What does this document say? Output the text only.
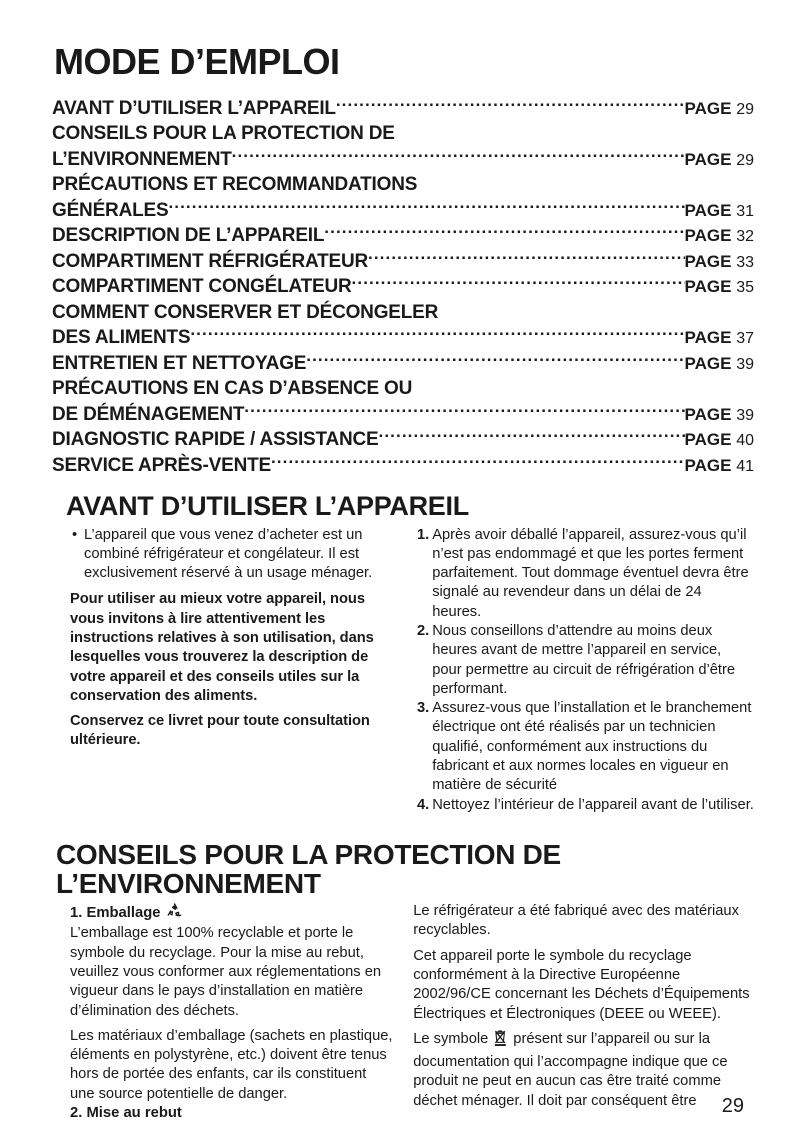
MODE D’EMPLOI
AVANT D’UTILISER L’APPAREIL .....	PAGE 29
CONSEILS POUR LA PROTECTION DE
L’ENVIRONNEMENT .....	PAGE 29
PRÉCAUTIONS ET RECOMMANDATIONS
GÉNÉRALES .....	PAGE 31
DESCRIPTION DE L’APPAREIL .....	PAGE 32
COMPARTIMENT RÉFRIGÉRATEUR .....	PAGE 33
COMPARTIMENT CONGÉLATEUR .....	PAGE 35
COMMENT CONSERVER ET DÉCONGELER
DES ALIMENTS .....	PAGE 37
ENTRETIEN ET NETTOYAGE .....	PAGE 39
PRÉCAUTIONS EN CAS D’ABSENCE OU
DE DÉMÉNAGEMENT .....	PAGE 39
DIAGNOSTIC RAPIDE / ASSISTANCE .....	PAGE 40
SERVICE APRÈS-VENTE .....	PAGE 41
AVANT D’UTILISER L’APPAREIL
• L’appareil que vous venez d’acheter est un combiné réfrigérateur et congélateur. Il est exclusivement réservé à un usage ménager.

Pour utiliser au mieux votre appareil, nous vous invitons à lire attentivement les instructions relatives à son utilisation, dans lesquelles vous trouverez la description de votre appareil et des conseils utiles sur la conservation des aliments.

Conservez ce livret pour toute consultation ultérieure.

1. Après avoir déballé l’appareil, assurez-vous qu’il n’est pas endommagé et que les portes ferment parfaitement. Tout dommage éventuel devra être signalé au revendeur dans un délai de 24 heures.
2. Nous conseillons d’attendre au moins deux heures avant de mettre l’appareil en service, pour permettre au circuit de réfrigération d’être performant.
3. Assurez-vous que l’installation et le branchement électrique ont été réalisés par un technicien qualifié, conformément aux instructions du fabricant et aux normes locales en vigueur en matière de sécurité
4. Nettoyez l’intérieur de l’appareil avant de l’utiliser.
CONSEILS POUR LA PROTECTION DE
L’ENVIRONNEMENT
1. Emballage

L’emballage est 100% recyclable et porte le symbole du recyclage. Pour la mise au rebut, veuillez vous conformer aux réglementations en vigueur dans le pays d’installation en matière d’élimination des déchets.

Les matériaux d’emballage (sachets en plastique, éléments en polystyrène, etc.) doivent être tenus hors de portée des enfants, car ils constituent une source potentielle de danger.

2. Mise au rebut

Le réfrigérateur a été fabriqué avec des matériaux recyclables.

Cet appareil porte le symbole du recyclage conformément à la Directive Européenne 2002/96/CE concernant les Déchets d’Équipements Électriques et Électroniques (DEEE ou WEEE).

Le symbole présent sur l’appareil ou sur la documentation qui l’accompagne indique que ce produit ne peut en aucun cas être traité comme déchet ménager. Il doit par conséquent être	29
